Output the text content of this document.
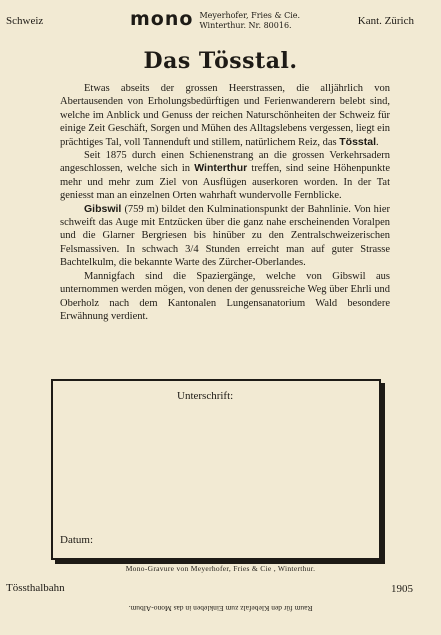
Schweiz	mono Meyerhofer, Fries & Cie.
Winterthur. Nr. 80016.	Kant. Zürich
Das Tösstal.

Etwas abseits der grossen Heerstrassen, die alljährlich von Abertausenden von Erholungsbedürftigen und Ferienwanderern belebt sind, welche im Anblick und Genuss der reichen Naturschönheiten der Schweiz für einige Zeit Geschäft, Sorgen und Mühen des Alltagslebens vergessen, liegt ein prächtiges Tal, voll Tannenduft und stillem, natürlichem Reiz, das Tösstal.

Seit 1875 durch einen Schienenstrang an die grossen Verkehrsadern angeschlossen, welche sich in Winterthur treffen, sind seine Höhenpunkte mehr und mehr zum Ziel von Ausflügen auserkoren worden. In der Tat geniesst man an einzelnen Orten wahrhaft wundervolle Fernblicke.

Gibswil (759 m) bildet den Kulminationspunkt der Bahnlinie. Von hier schweift das Auge mit Entzücken über die ganz nahe erscheinenden Voralpen und die Glarner Bergriesen bis hinüber zu den Zentralschweizerischen Felsmassiven. In schwach 3/4 Stunden erreicht man auf guter Strasse Bachtelkulm, die bekannte Warte des Zürcher-Oberlandes.

Mannigfach sind die Spaziergänge, welche von Gibswil aus unternommen werden mögen, von denen der genussreiche Weg über Ehrli und Oberholz nach dem Kantonalen Lungensanatorium Wald besondere Erwähnung verdient.

Unterschrift:
Datum:
Mono-Gravure von Meyerhofer, Fries & Cie , Winterthur.
Tössthalbahn	1905
Raum für den Klebefalz zum Einkleben in das Mono-Album.
